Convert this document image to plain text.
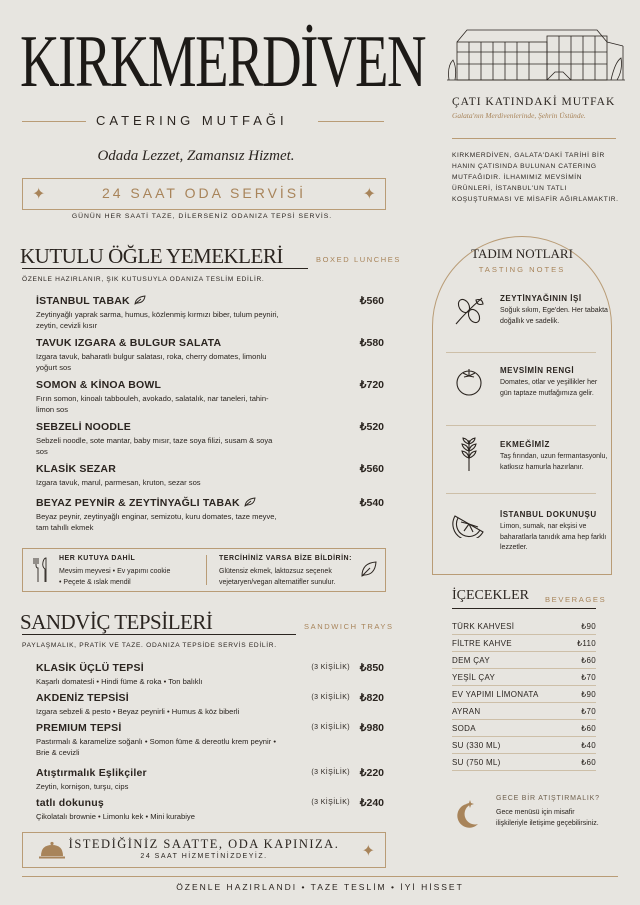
KIRKMERDİVEN
CATERING MUTFAĞI
Odada Lezzet, Zamansız Hizmet.
✦	24 SAAT ODA SERVİSİ	✦
GÜNÜN HER SAATİ TAZE, DİLERSENİZ ODANIZA TEPSİ SERVİS.
ÇATI KATINDAKİ MUTFAK
Galata'nın Merdivenlerinde, Şehrin Üstünde.
KIRKMERDİVEN, GALATA'DAKİ TARİHİ BİR HANIN ÇATISINDA BULUNAN CATERING MUTFAĞIDIR. İLHAMIMIZ MEVSİMİN ÜRÜNLERİ, İSTANBUL'UN TATLI KOŞUŞTURMASI VE MİSAFİR AĞIRLAMAKTIR.
KUTULU ÖĞLE YEMEKLERİ	BOXED LUNCHES
ÖZENLE HAZIRLANIR, ŞIK KUTUSUYLA ODANIZA TESLİM EDİLİR.
İSTANBUL TABAK
Zeytinyağlı yaprak sarma, humus, közlenmiş kırmızı biber, tulum peyniri, zeytin, cevizli kısır
₺560
TAVUK IZGARA & BULGUR SALATA
Izgara tavuk, baharatlı bulgur salatası, roka, cherry domates, limonlu yoğurt sos
₺580
SOMON & KİNOA BOWL
Fırın somon, kinoalı tabbouleh, avokado, salatalık, nar taneleri, tahin-limon sos
₺720
SEBZELİ NOODLE
Sebzeli noodle, sote mantar, baby mısır, taze soya filizi, susam & soya sos
₺520
KLASİK SEZAR
Izgara tavuk, marul, parmesan, kruton, sezar sos
₺560
BEYAZ PEYNİR & ZEYTİNYAĞLI TABAK
Beyaz peynir, zeytinyağlı enginar, semizotu, kuru domates, taze meyve, tam tahıllı ekmek
₺540
HER KUTUYA DAHİL
Mevsim meyvesi • Ev yapımı cookie
• Peçete & ıslak mendil
TERCİHİNİZ VARSA BİZE BİLDİRİN:
Glütensiz ekmek, laktozsuz seçenek vejetaryen/vegan alternatifler sunulur.
SANDVİÇ TEPSİLERİ	SANDWICH TRAYS
PAYLAŞMALIK, PRATİK VE TAZE. ODANIZA TEPSİDE SERVİS EDİLİR.
KLASİK ÜÇLÜ TEPSİ
Kaşarlı domatesli • Hindi füme & roka • Ton balıklı
(3 KİŞİLİK) ₺850
AKDENİZ TEPSİSİ
Izgara sebzeli & pesto • Beyaz peynirli • Humus & köz biberli
(3 KİŞİLİK) ₺820
PREMIUM TEPSİ
Pastırmalı & karamelize soğanlı • Somon füme & dereotlu krem peynir • Brie & cevizli
(3 KİŞİLİK) ₺980
Atıştırmalık Eşlikçiler
Zeytin, kornişon, turşu, cips
(3 KİŞİLİK) ₺220
tatlı dokunuş
Çikolatalı brownie • Limonlu kek • Mini kurabiye
(3 KİŞİLİK) ₺240
İSTEDİĞİNİZ SAATTE, ODA KAPINIZA.
24 SAAT HİZMETİNİZDEYİZ.	✦
TADIM NOTLARI
TASTING NOTES
ZEYTİNYAĞININ İŞİ
Soğuk sıkım, Ege'den. Her tabakta doğallık ve sadelik.
MEVSİMİN RENGİ
Domates, otlar ve yeşillikler her gün taptaze mutfağımıza gelir.
EKMEĞİMİZ
Taş fırından, uzun fermantasyonlu, katkısız hamurla hazırlanır.
İSTANBUL DOKUNUŞU
Limon, sumak, nar ekşisi ve baharatlarla tanıdık ama hep farklı lezzetler.
İÇECEKLER BEVERAGES
TÜRK KAHVESİ	₺90
FİLTRE KAHVE	₺110
DEM ÇAY	₺60
YEŞİL ÇAY	₺70
EV YAPIMI LİMONATA	₺90
AYRAN	₺70
SODA	₺60
SU (330 ML)	₺40
SU (750 ML)	₺60
GECE BİR ATIŞTIRMALIK?
Gece menüsü için misafir ilişkileriyle iletişime geçebilirsiniz.
ÖZENLE HAZIRLANDI • TAZE TESLİM • İYİ HİSSET
